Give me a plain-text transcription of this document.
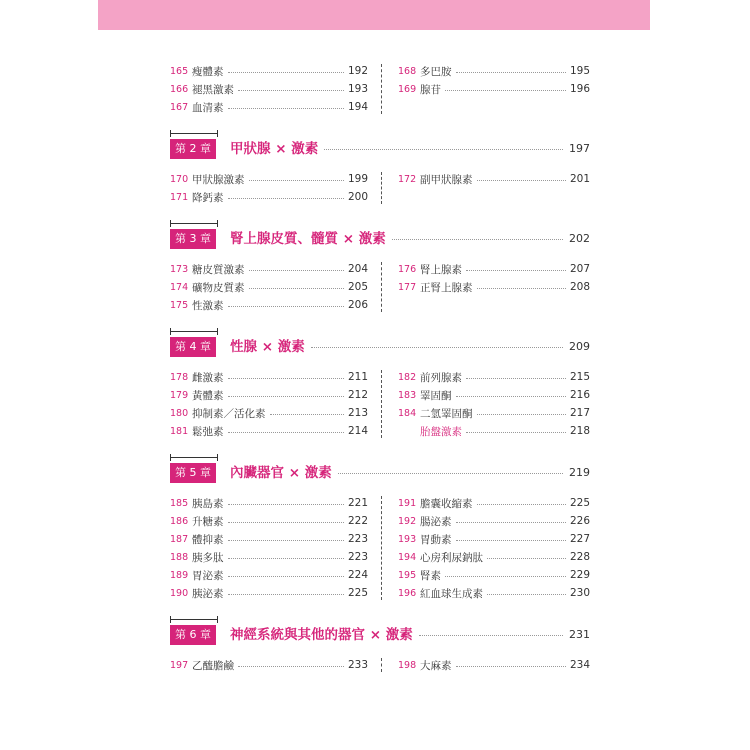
165 瘦體素	192
166 褪黑激素	193
167 血清素	194
168 多巴胺	195
169 腺苷	196
第 2 章	甲狀腺 × 激素	197
170 甲狀腺激素	199
171 降鈣素	200
172 副甲狀腺素	201
第 3 章	腎上腺皮質、髓質 × 激素	202
173 糖皮質激素	204
174 礦物皮質素	205
175 性激素	206
176 腎上腺素	207
177 正腎上腺素	208
第 4 章	性腺 × 激素	209
178 雌激素	211
179 黃體素	212
180 抑制素／活化素	213
181 鬆弛素	214
182 前列腺素	215
183 睪固酮	216
184 二氫睪固酮	217
胎盤激素	218
第 5 章	內臟器官 × 激素	219
185 胰島素	221
186 升糖素	222
187 體抑素	223
188 胰多肽	223
189 胃泌素	224
190 胰泌素	225
191 膽囊收縮素	225
192 腸泌素	226
193 胃動素	227
194 心房利尿鈉肽	228
195 腎素	229
196 紅血球生成素	230
第 6 章	神經系統與其他的器官 × 激素	231
197 乙醯膽鹼	233	198 大麻素	234
